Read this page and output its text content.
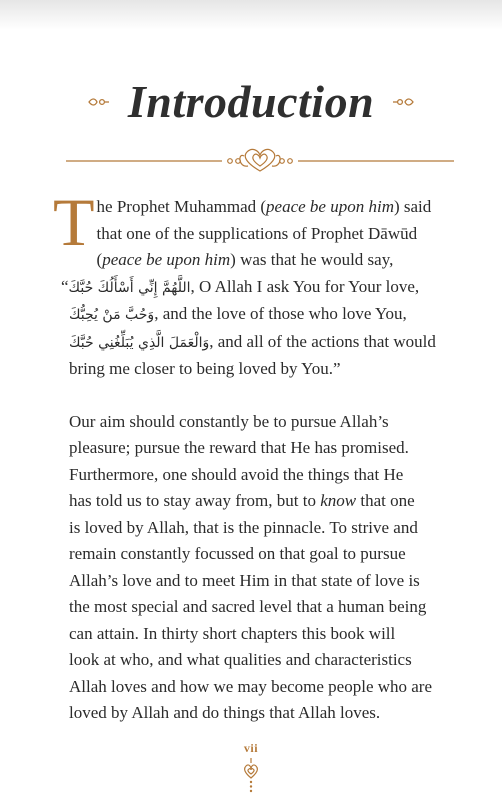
Introduction
T he Prophet Muhammad (peace be upon him) said
that one of the supplications of Prophet Dāwūd
(peace be upon him) was that he would say,
“اللَّهُمَّ إِنِّي أَسْأَلُكَ حُبَّكَ, O Allah I ask You for Your love,
وَحُبَّ مَنْ يُحِبُّكَ, and the love of those who love You,
وَالْعَمَلَ الَّذِي يُبَلِّغُنِي حُبَّكَ, and all of the actions that would
bring me closer to being loved by You.”
Our aim should constantly be to pursue Allah’s
pleasure; pursue the reward that He has promised.
Furthermore, one should avoid the things that He
has told us to stay away from, but to know that one
is loved by Allah, that is the pinnacle. To strive and
remain constantly focussed on that goal to pursue
Allah’s love and to meet Him in that state of love is
the most special and sacred level that a human being
can attain. In thirty short chapters this book will
look at who, and what qualities and characteristics
Allah loves and how we may become people who are
loved by Allah and do things that Allah loves.
vii
